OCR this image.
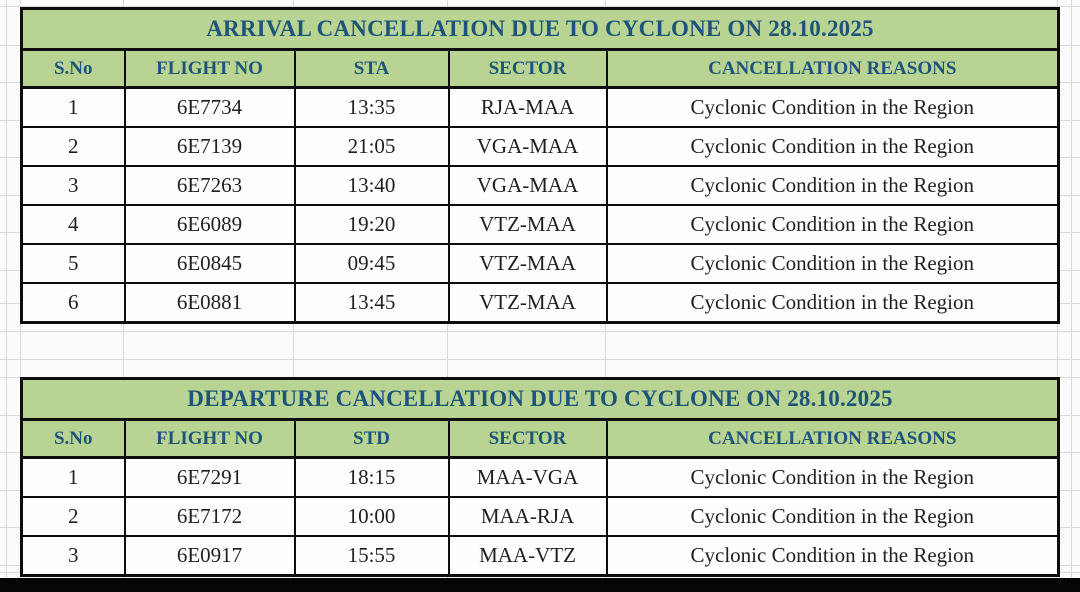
ARRIVAL CANCELLATION DUE TO CYCLONE ON 28.10.2025				
S.No	FLIGHT NO	STA	SECTOR	CANCELLATION REASONS
1	6E7734	13:35	RJA-MAA	Cyclonic Condition in the Region
2	6E7139	21:05	VGA-MAA	Cyclonic Condition in the Region
3	6E7263	13:40	VGA-MAA	Cyclonic Condition in the Region
4	6E6089	19:20	VTZ-MAA	Cyclonic Condition in the Region
5	6E0845	09:45	VTZ-MAA	Cyclonic Condition in the Region
6	6E0881	13:45	VTZ-MAA	Cyclonic Condition in the Region
DEPARTURE CANCELLATION DUE TO CYCLONE ON 28.10.2025				
S.No	FLIGHT NO	STD	SECTOR	CANCELLATION REASONS
1	6E7291	18:15	MAA-VGA	Cyclonic Condition in the Region
2	6E7172	10:00	MAA-RJA	Cyclonic Condition in the Region
3	6E0917	15:55	MAA-VTZ	Cyclonic Condition in the Region
